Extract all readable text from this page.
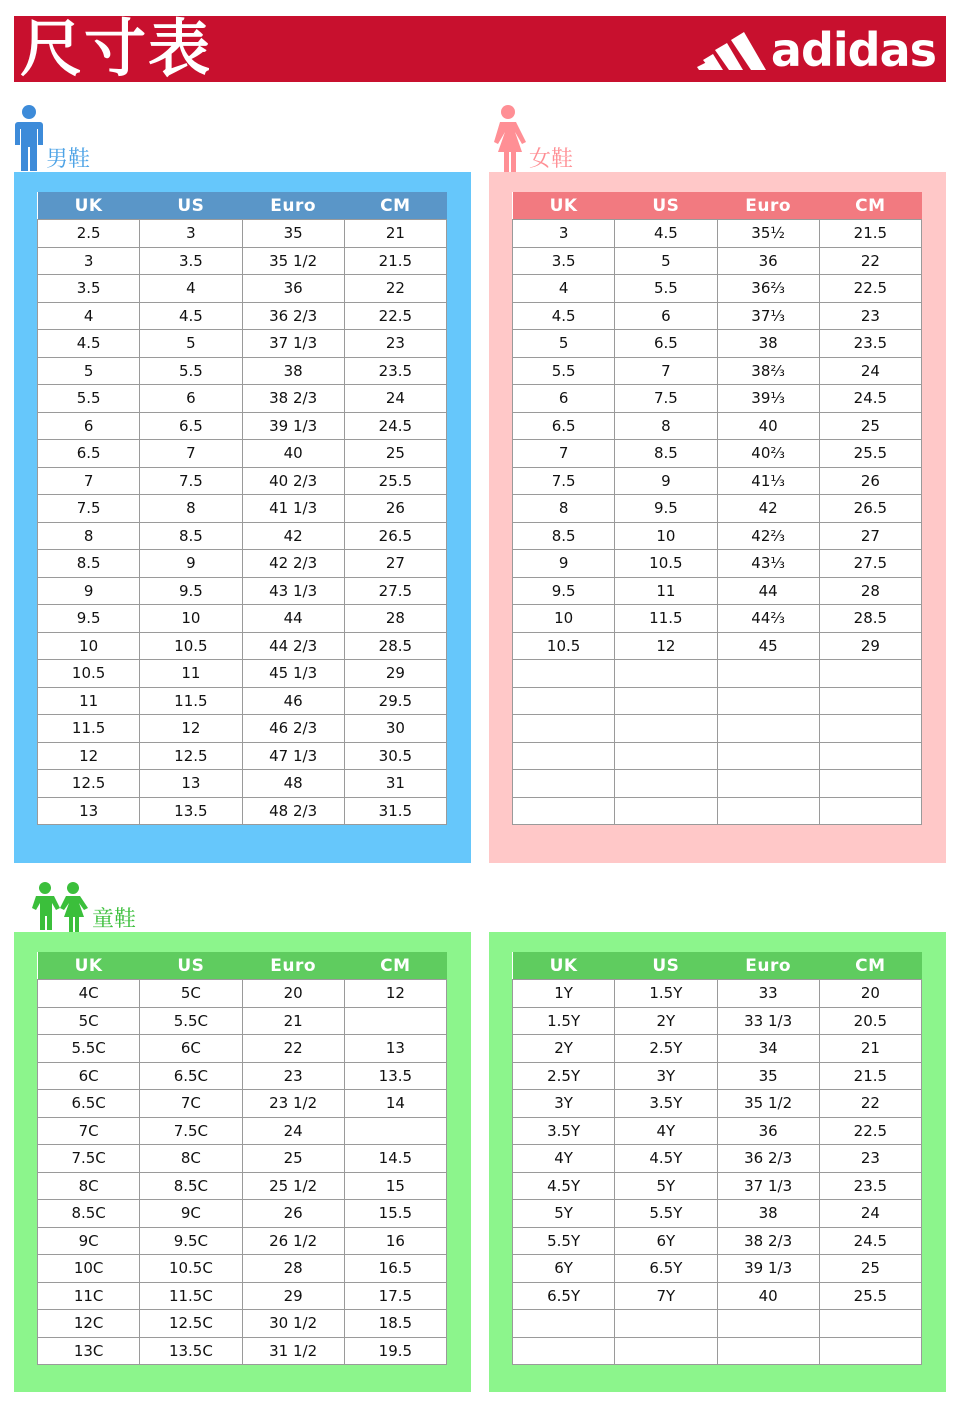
尺寸表	adidas
男鞋	女鞋
童鞋
UK	US	Euro	CM
2.5	3	35	21
3	3.5	35 1/2	21.5
3.5	4	36	22
4	4.5	36 2/3	22.5
4.5	5	37 1/3	23
5	5.5	38	23.5
5.5	6	38 2/3	24
6	6.5	39 1/3	24.5
6.5	7	40	25
7	7.5	40 2/3	25.5
7.5	8	41 1/3	26
8	8.5	42	26.5
8.5	9	42 2/3	27
9	9.5	43 1/3	27.5
9.5	10	44	28
10	10.5	44 2/3	28.5
10.5	11	45 1/3	29
11	11.5	46	29.5
11.5	12	46 2/3	30
12	12.5	47 1/3	30.5
12.5	13	48	31
13	13.5	48 2/3	31.5
UK	US	Euro	CM
3	4.5	35½	21.5
3.5	5	36	22
4	5.5	36⅔	22.5
4.5	6	37⅓	23
5	6.5	38	23.5
5.5	7	38⅔	24
6	7.5	39⅓	24.5
6.5	8	40	25
7	8.5	40⅔	25.5
7.5	9	41⅓	26
8	9.5	42	26.5
8.5	10	42⅔	27
9	10.5	43⅓	27.5
9.5	11	44	28
10	11.5	44⅔	28.5
10.5	12	45	29

UK	US	Euro	CM
4C	5C	20	12
5C	5.5C	21	
5.5C	6C	22	13
6C	6.5C	23	13.5
6.5C	7C	23 1/2	14
7C	7.5C	24	
7.5C	8C	25	14.5
8C	8.5C	25 1/2	15
8.5C	9C	26	15.5
9C	9.5C	26 1/2	16
10C	10.5C	28	16.5
11C	11.5C	29	17.5
12C	12.5C	30 1/2	18.5
13C	13.5C	31 1/2	19.5
UK	US	Euro	CM
1Y	1.5Y	33	20
1.5Y	2Y	33 1/3	20.5
2Y	2.5Y	34	21
2.5Y	3Y	35	21.5
3Y	3.5Y	35 1/2	22
3.5Y	4Y	36	22.5
4Y	4.5Y	36 2/3	23
4.5Y	5Y	37 1/3	23.5
5Y	5.5Y	38	24
5.5Y	6Y	38 2/3	24.5
6Y	6.5Y	39 1/3	25
6.5Y	7Y	40	25.5
